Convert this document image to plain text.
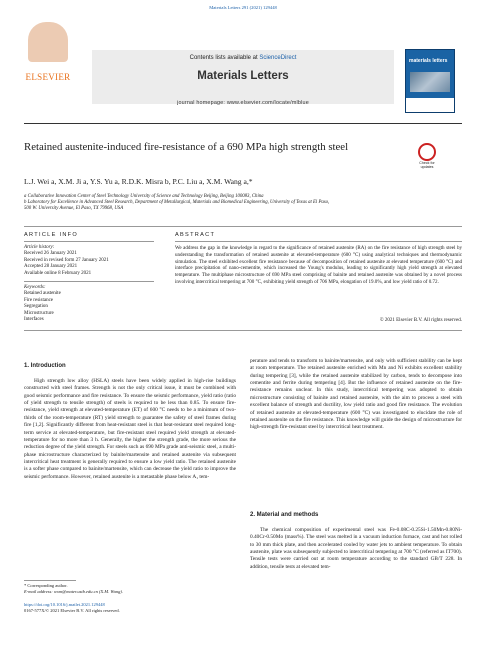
Materials Letters 291 (2021) 129448
ELSEVIER
Contents lists available at ScienceDirect
Materials Letters
journal homepage: www.elsevier.com/locate/mlblue
materials letters
Retained austenite-induced fire-resistance of a 690 MPa high strength steel
Check for updates
L.J. Wei a, X.M. Ji a, Y.S. Yu a, R.D.K. Misra b, P.C. Liu a, X.M. Wang a,*
a Collaborative Innovation Center of Steel Technology University of Science and Technology Beijing, Beijing 100083, China
b Laboratory for Excellence in Advanced Steel Research, Department of Metallurgical, Materials and Biomedical Engineering, University of Texas at El Paso,
500 W. University Avenue, El Paso, TX 79968, USA
ARTICLE INFO
Article history:
Received 26 January 2021
Received in revised form 27 January 2021
Accepted 28 January 2021
Available online 8 February 2021
Keywords:
Retained austenite
Fire resistance
Segregation
Microstructure
Interfaces
ABSTRACT
We address the gap in the knowledge in regard to the significance of retained austenite (RA) on the fire resistance of high strength steel by understanding the transformation of retained austenite at elevated-temperature (600 °C) using analytical techniques and thermodynamic simulation. The steel exhibited excellent fire resistance because of decomposition of retained austenite at elevated temperature (600 °C) and interface precipitation of nano-cementite, which increased the Young's modulus, leading to significantly high yield strength at elevated temperature. The multiphase microstructure of 690 MPa steel comprising of bainite and retained austenite was obtained by a novel process involving intercritical tempering at 700 °C, exhibiting yield strength of 706 MPa, elongation of 19.0%, and low yield ratio of 0.72.
© 2021 Elsevier B.V. All rights reserved.
1. Introduction
High strength low alloy (HSLA) steels have been widely applied in high-rise buildings constructed with steel frames. Strength is not the only critical issue, it must be combined with good seismic performance and fire resistance. To ensure the seismic performance, yield ratio (ratio of yield strength to tensile strength) of steels is required to be less than 0.85. To ensure fire-resistance, yield strength at elevated-temperature (ET) of 600 °C needs to be a minimum of two-thirds of the room-temperature (RT) yield strength to guarantee the safety of steel frames during fire [1,2]. Significantly different from heat-resistant steel is that heat-resistant steel required long-term service at elevated-temperature, but fire-resistant steel required yield strength at elevated-temperature for no more than 3 h. Generally, the higher the strength grade, the more serious the reduction degree of the yield strength. For steels such as 690 MPa grade anti-seismic steel, a multi-phase microstructure characterized by bainite/martensite and retained austenite via subsequent intercritical heat treatment is generally required to ensure a low yield ratio. The retained austenite is a softer phase compared to bainite/martensite, which can decrease the yield ratio to improve the seismic performance. However, retained austenite is a metastable phase below A₁ tem-
perature and tends to transform to bainite/martensite, and only with sufficient stability can be kept at room temperature. The retained austenite enriched with Mn and Ni exhibits excellent stability during tempering [3], while the retained austenite stabilized by carbon, tends to decompose into cementite and ferrite during tempering [4]. But the influence of retained austenite on the fire-resistance remains unclear. In this study, intercritical tempering was adopted to obtain microstructure consisting of bainite and retained austenite, with the aim to process a steel with excellent balance of strength and ductility, low yield ratio and good fire resistance. The evolution of retained austenite at elevated-temperature (600 °C) was investigated to elucidate the role of retained austenite on the fire resistance. This knowledge will guide the design of microstructure for high-strength fire-resistant steel by intercritical heat treatment.
2. Material and methods
The chemical composition of experimental steel was Fe-0.08C-0.25Si-1.50Mn-0.80Ni-0.40Cr-0.50Mo (mass%). The steel was melted in a vacuum induction furnace, cast and hot rolled to 30 mm thick plate, and then accelerated cooled by water jets to ambient temperature. To obtain austenite, plate was subsequently subjected to intercritical tempering at 700 °C (referred as IT700). Tensile tests were carried out at room temperature according to the standard GB/T 228. In addition, tensile tests at elevated tem-
* Corresponding author.
E-mail address: wxm@mater.ustb.edu.cn (X.M. Wang).
https://doi.org/10.1016/j.matlet.2021.129448
0167-577X/© 2021 Elsevier B.V. All rights reserved.
